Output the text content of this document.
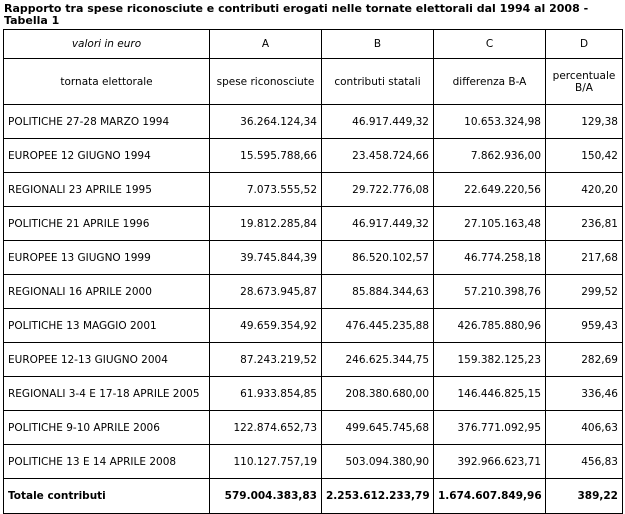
Rapporto tra spese riconosciute e contributi erogati nelle tornate elettorali dal 1994 al 2008 - Tabella 1
valori in euro	A	B	C	D
tornata elettorale	spese riconosciute	contributi statali	differenza B-A	percentuale B/A
POLITICHE 27-28 MARZO 1994	36.264.124,34	46.917.449,32	10.653.324,98	129,38
EUROPEE 12 GIUGNO 1994	15.595.788,66	23.458.724,66	7.862.936,00	150,42
REGIONALI 23 APRILE 1995	7.073.555,52	29.722.776,08	22.649.220,56	420,20
POLITICHE 21 APRILE 1996	19.812.285,84	46.917.449,32	27.105.163,48	236,81
EUROPEE 13 GIUGNO 1999	39.745.844,39	86.520.102,57	46.774.258,18	217,68
REGIONALI 16 APRILE 2000	28.673.945,87	85.884.344,63	57.210.398,76	299,52
POLITICHE 13 MAGGIO 2001	49.659.354,92	476.445.235,88	426.785.880,96	959,43
EUROPEE 12-13 GIUGNO 2004	87.243.219,52	246.625.344,75	159.382.125,23	282,69
REGIONALI 3-4 E 17-18 APRILE 2005	61.933.854,85	208.380.680,00	146.446.825,15	336,46
POLITICHE 9-10 APRILE 2006	122.874.652,73	499.645.745,68	376.771.092,95	406,63
POLITICHE 13 E 14 APRILE 2008	110.127.757,19	503.094.380,90	392.966.623,71	456,83
Totale contributi	579.004.383,83	2.253.612.233,79	1.674.607.849,96	389,22
